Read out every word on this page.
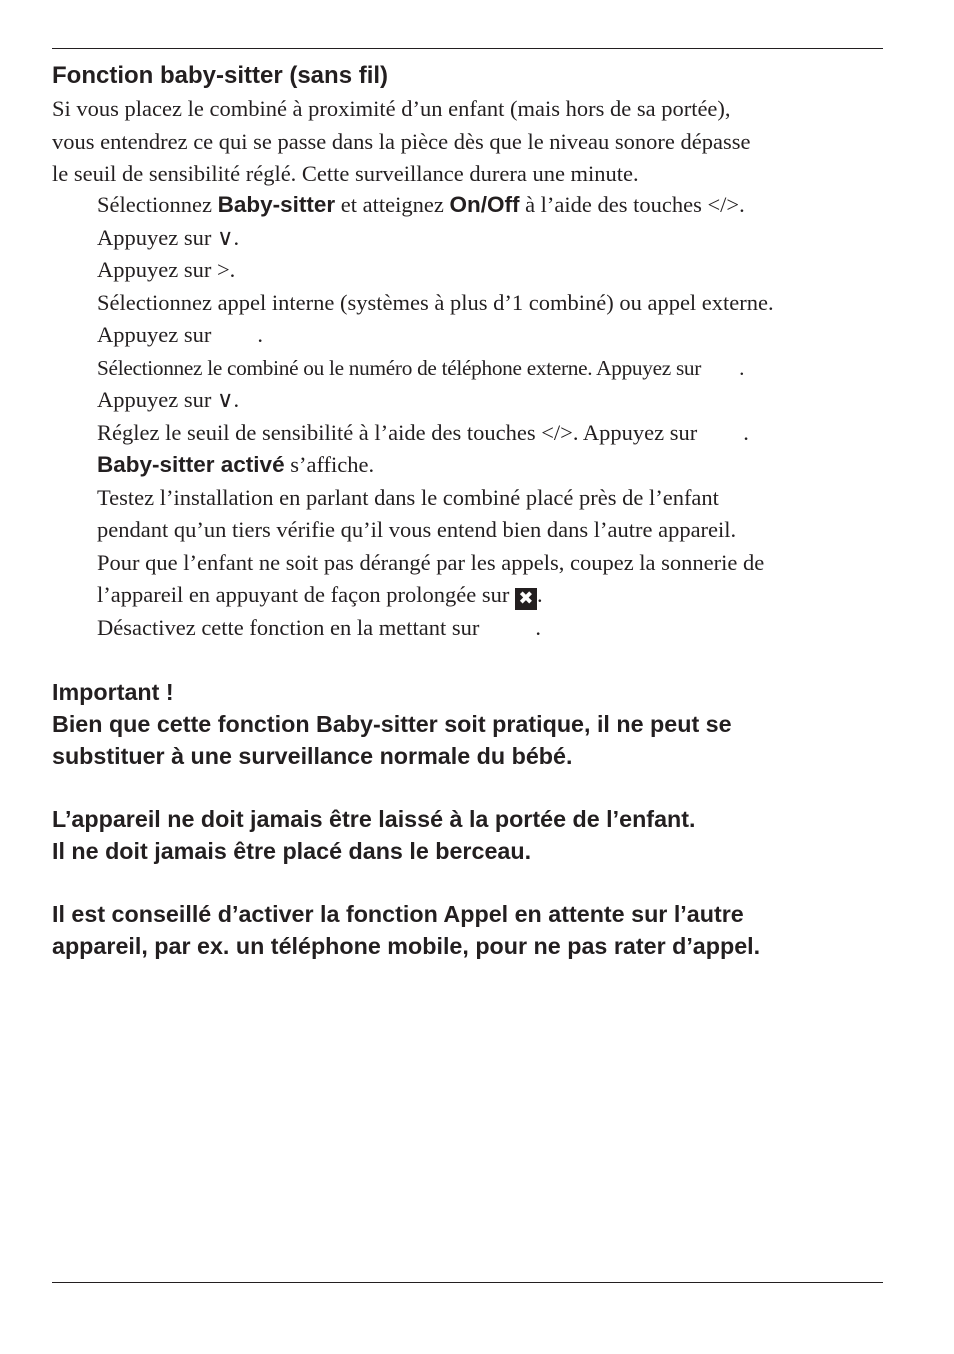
Fonction baby-sitter (sans fil)
Si vous placez le combiné à proximité d’un enfant (mais hors de sa portée),
vous entendrez ce qui se passe dans la pièce dès que le niveau sonore dépasse
le seuil de sensibilité réglé. Cette surveillance durera une minute.
Sélectionnez Baby-sitter et atteignez On/Off à l’aide des touches </>.
Appuyez sur ∨.
Appuyez sur >.
Sélectionnez appel interne (systèmes à plus d’1 combiné) ou appel externe.
Appuyez sur .
Sélectionnez le combiné ou le numéro de téléphone externe. Appuyez sur .
Appuyez sur ∨.
Réglez le seuil de sensibilité à l’aide des touches </>. Appuyez sur .
Baby-sitter activé s’affiche.
Testez l’installation en parlant dans le combiné placé près de l’enfant
pendant qu’un tiers vérifie qu’il vous entend bien dans l’autre appareil.
Pour que l’enfant ne soit pas dérangé par les appels, coupez la sonnerie de
l’appareil en appuyant de façon prolongée sur ✖ .
Désactivez cette fonction en la mettant sur .
Important !
Bien que cette fonction Baby-sitter soit pratique, il ne peut se
substituer à une surveillance normale du bébé.
L’appareil ne doit jamais être laissé à la portée de l’enfant.
Il ne doit jamais être placé dans le berceau.
Il est conseillé d’activer la fonction Appel en attente sur l’autre
appareil, par ex. un téléphone mobile, pour ne pas rater d’appel.
